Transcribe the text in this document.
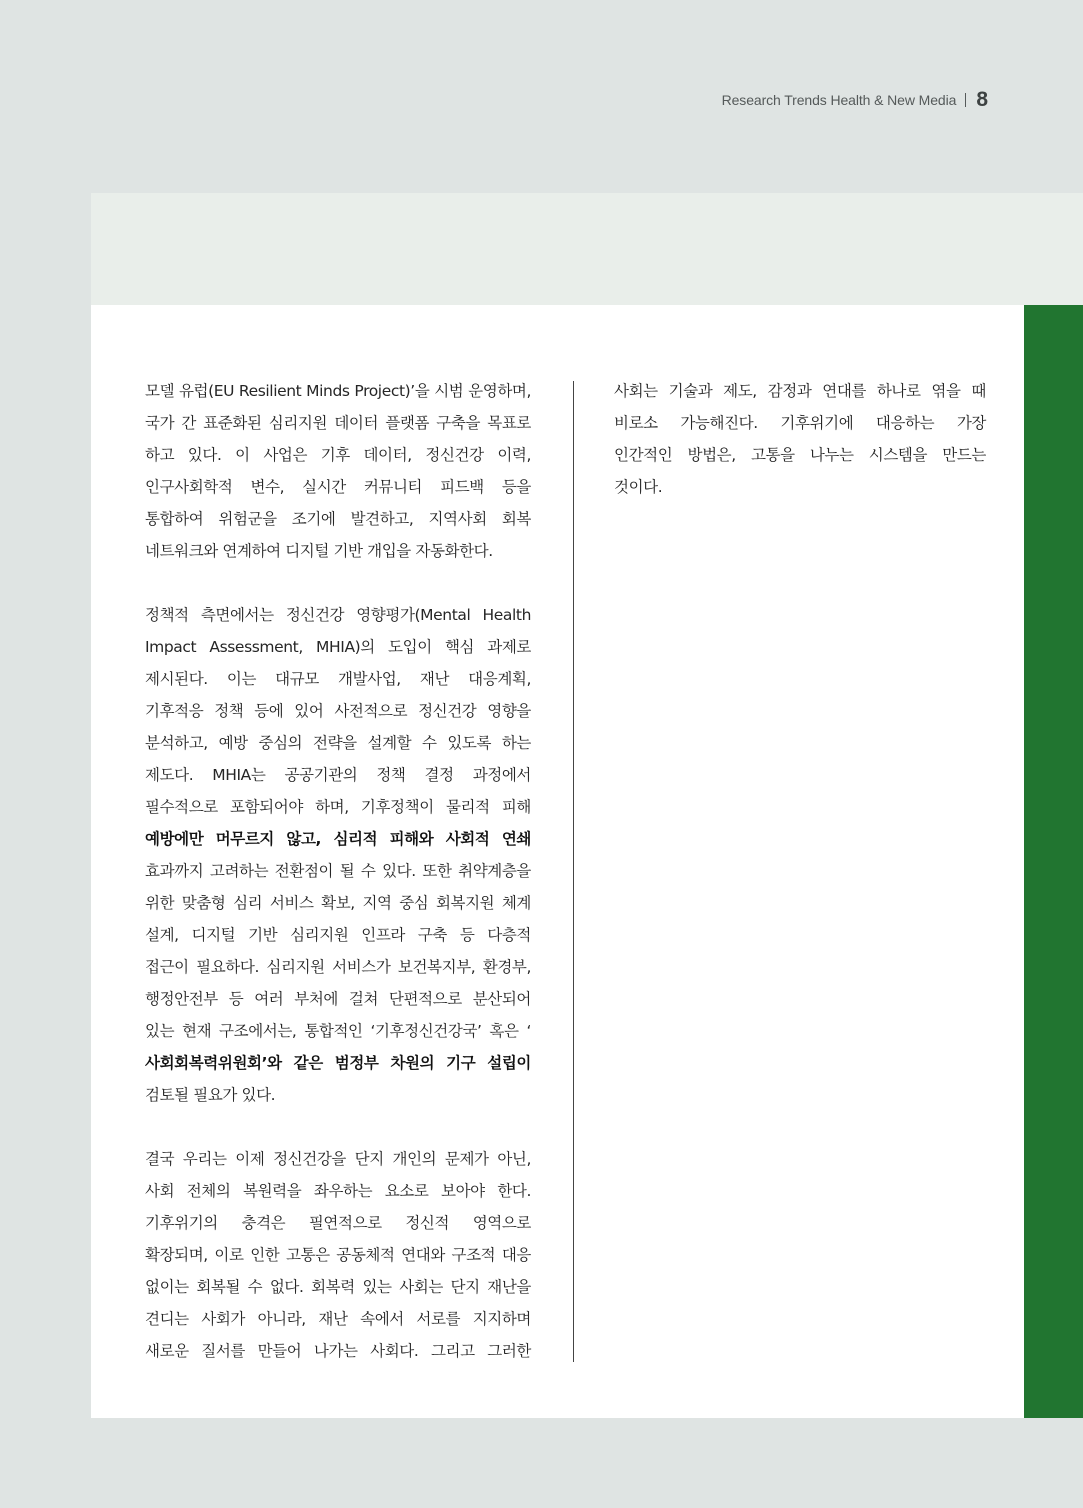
Research Trends Health & New Media 8
모델 유럽(EU Resilient Minds Project)’을 시범 운영하며,
국가 간 표준화된 심리지원 데이터 플랫폼 구축을 목표로
하고 있다. 이 사업은 기후 데이터, 정신건강 이력,
인구사회학적 변수, 실시간 커뮤니티 피드백 등을
통합하여 위험군을 조기에 발견하고, 지역사회 회복
네트워크와 연계하여 디지털 기반 개입을 자동화한다.
정책적 측면에서는 정신건강 영향평가(Mental Health
Impact Assessment, MHIA)의 도입이 핵심 과제로
제시된다. 이는 대규모 개발사업, 재난 대응계획,
기후적응 정책 등에 있어 사전적으로 정신건강 영향을
분석하고, 예방 중심의 전략을 설계할 수 있도록 하는
제도다. MHIA는 공공기관의 정책 결정 과정에서
필수적으로 포함되어야 하며, 기후정책이 물리적 피해
예방에만 머무르지 않고, 심리적 피해와 사회적 연쇄
효과까지 고려하는 전환점이 될 수 있다. 또한 취약계층을
위한 맞춤형 심리 서비스 확보, 지역 중심 회복지원 체계
설계, 디지털 기반 심리지원 인프라 구축 등 다층적
접근이 필요하다. 심리지원 서비스가 보건복지부, 환경부,
행정안전부 등 여러 부처에 걸쳐 단편적으로 분산되어
있는 현재 구조에서는, 통합적인 ‘기후정신건강국’ 혹은 ‘
사회회복력위원회’와 같은 범정부 차원의 기구 설립이
검토될 필요가 있다.
결국 우리는 이제 정신건강을 단지 개인의 문제가 아닌,
사회 전체의 복원력을 좌우하는 요소로 보아야 한다.
기후위기의 충격은 필연적으로 정신적 영역으로
확장되며, 이로 인한 고통은 공동체적 연대와 구조적 대응
없이는 회복될 수 없다. 회복력 있는 사회는 단지 재난을
견디는 사회가 아니라, 재난 속에서 서로를 지지하며
새로운 질서를 만들어 나가는 사회다. 그리고 그러한
사회는 기술과 제도, 감정과 연대를 하나로 엮을 때
비로소 가능해진다. 기후위기에 대응하는 가장
인간적인 방법은, 고통을 나누는 시스템을 만드는
것이다.
